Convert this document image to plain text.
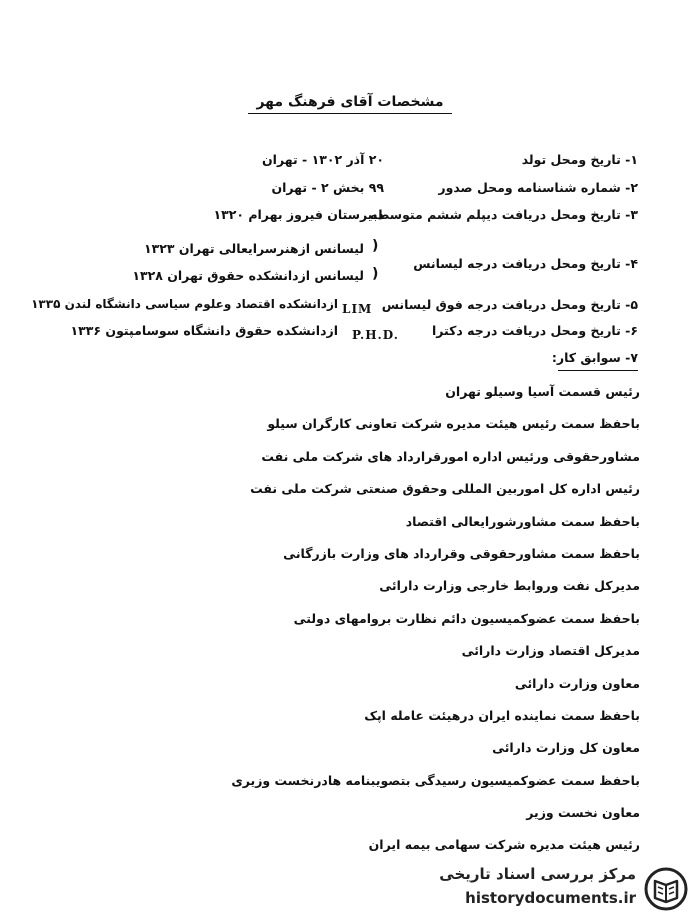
مشخصات آقای فرهنگ مهر
۱- تاریخ ومحل تولد
۲۰ آذر ۱۳۰۲ - تهران
۲- شماره شناسنامه ومحل صدور
۹۹ بخش ۲ - تهران
۳- تاریخ ومحل دریافت دیپلم ششم متوسطه
دبیرستان فیروز بهرام ۱۳۲۰
۴- تاریخ ومحل دریافت درجه لیسانس
)
)
لیسانس ازهنرسرایعالی تهران ۱۳۲۳
لیسانس ازدانشکده حقوق تهران ۱۳۲۸
۵- تاریخ ومحل دریافت درجه فوق لیسانس
LIM
ازدانشکده اقتصاد وعلوم سیاسی دانشگاه لندن ۱۳۳۵
۶- تاریخ ومحل دریافت درجه دکترا
P.H.D.
ازدانشکده حقوق دانشگاه سوسامپتون ۱۳۳۶
۷- سوابق کار:
رئیس قسمت آسیا وسیلو تهران
باحفظ سمت رئیس هیئت مدیره شرکت تعاونی کارگران سیلو
مشاورحقوقی ورئیس اداره امورقرارداد های شرکت ملی نفت
رئیس اداره کل اموربین المللی وحقوق صنعتی شرکت ملی نفت
باحفظ سمت مشاورشورایعالی اقتصاد
باحفظ سمت مشاورحقوقی وقرارداد های وزارت بازرگانی
مدیرکل نفت وروابط خارجی وزارت دارائی
باحفظ سمت عضوکمیسیون دائم نظارت بروامهای دولتی
مدیرکل اقتصاد وزارت دارائی
معاون وزارت دارائی
باحفظ سمت نماینده ایران درهیئت عامله اپک
معاون کل وزارت دارائی
باحفظ سمت عضوکمیسیون رسیدگی بتصویبنامه هادرنخست وزیری
معاون نخست وزیر
رئیس هیئت مدیره شرکت سهامی بیمه ایران
مرکز بررسی اسناد تاریخی
historydocuments.ir
